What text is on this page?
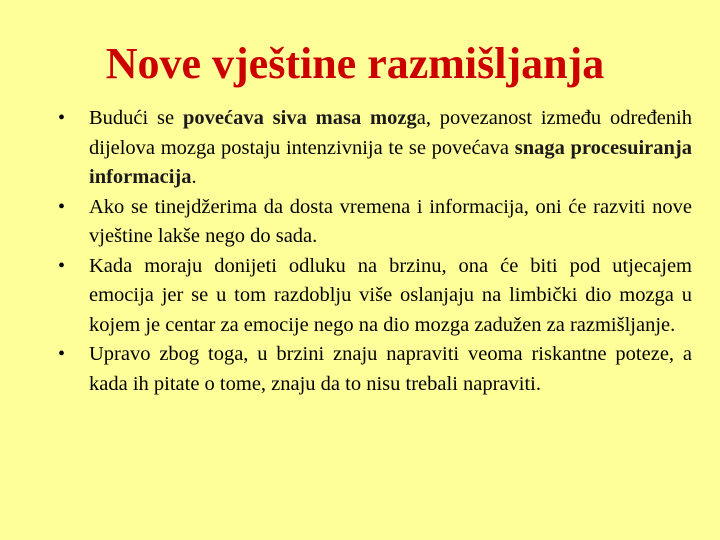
Nove vještine razmišljanja
• Budući se povećava siva masa mozga, povezanost između određenih dijelova mozga postaju intenzivnija te se povećava snaga procesuiranja informacija.
• Ako se tinejdžerima da dosta vremena i informacija, oni će razviti nove vještine lakše nego do sada.
• Kada moraju donijeti odluku na brzinu, ona će biti pod utjecajem emocija jer se u tom razdoblju više oslanjaju na limbički dio mozga u kojem je centar za emocije nego na dio mozga zadužen za razmišljanje.
• Upravo zbog toga, u brzini znaju napraviti veoma riskantne poteze, a kada ih pitate o tome, znaju da to nisu trebali napraviti.
